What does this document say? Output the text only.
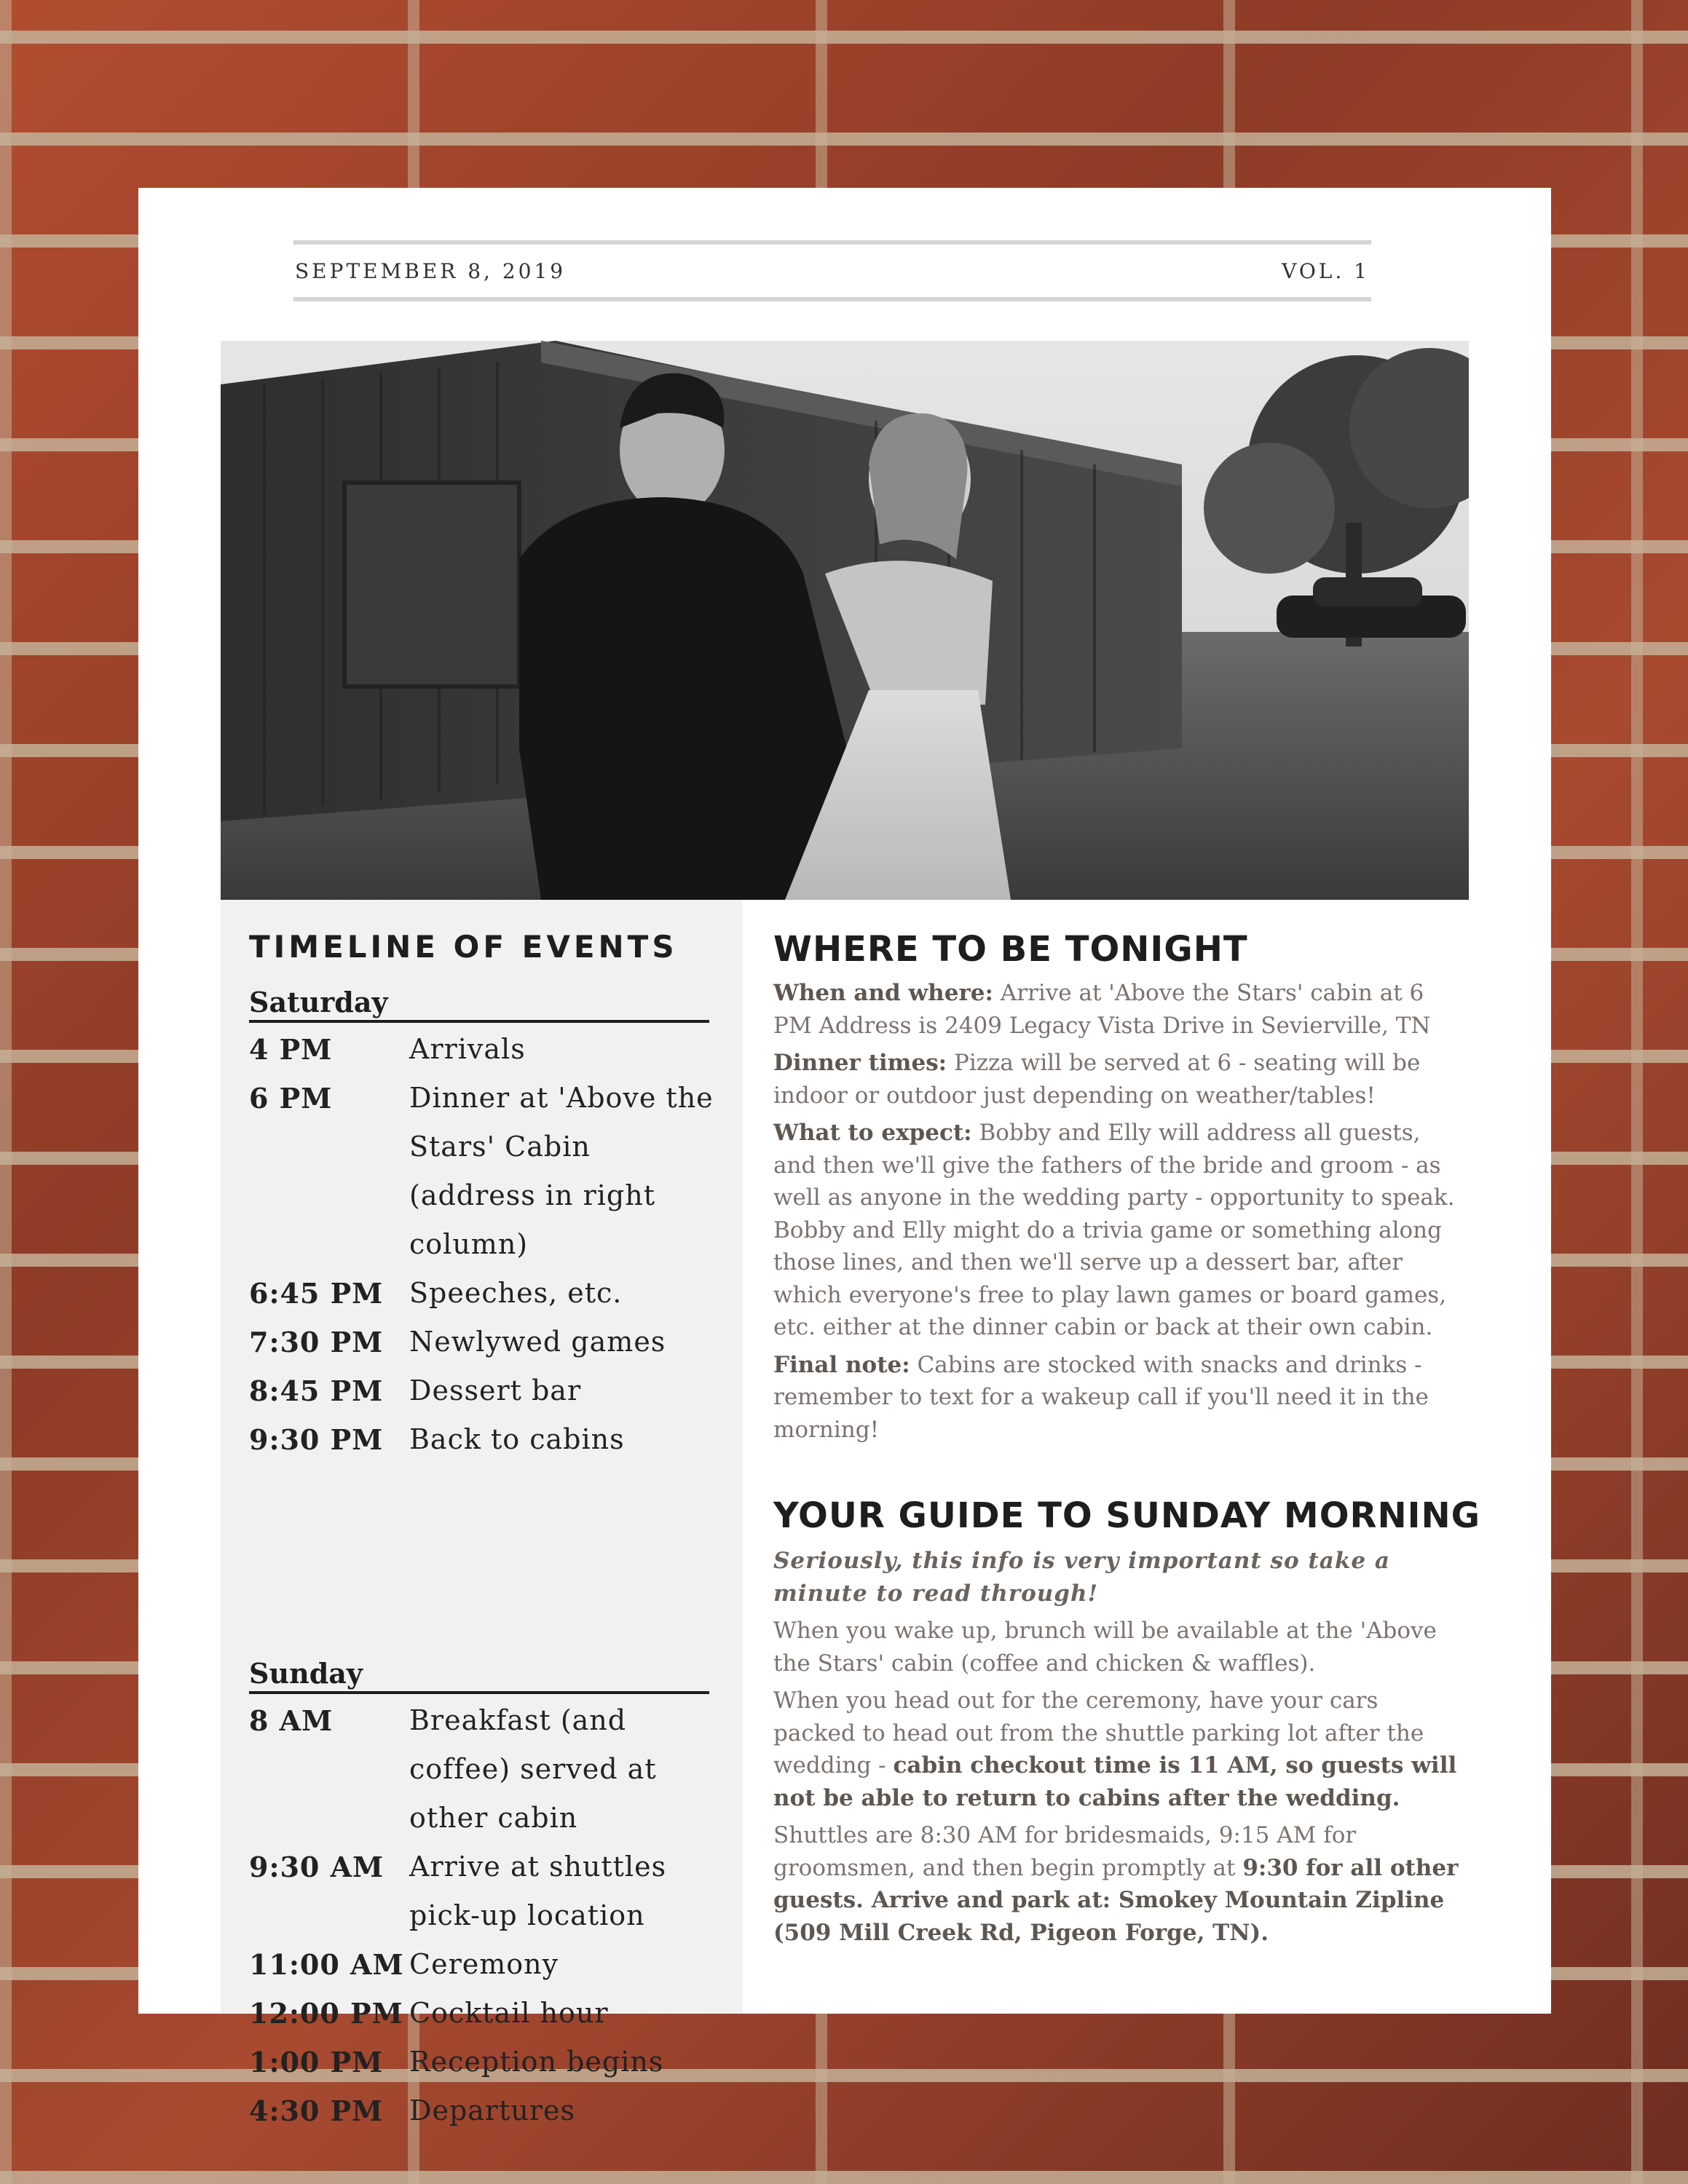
SEPTEMBER 8, 2019	VOL. 1
TIMELINE OF EVENTS
Saturday
4 PM	Arrivals
6 PM	Dinner at 'Above the Stars' Cabin (address in right column)
6:45 PM Speeches, etc.
7:30 PM Newlywed games
8:45 PM Dessert bar
9:30 PM Back to cabins
Sunday
8 AM	Breakfast (and coffee) served at other cabin
9:30 AM Arrive at shuttles pick-up location
11:00 AM Ceremony
12:00 PM Cocktail hour
1:00 PM Reception begins
4:30 PM Departures
WHERE TO BE TONIGHT

When and where: Arrive at 'Above the Stars' cabin at 6 PM Address is 2409 Legacy Vista Drive in Sevierville, TN

Dinner times: Pizza will be served at 6 - seating will be indoor or outdoor just depending on weather/tables!

What to expect: Bobby and Elly will address all guests, and then we'll give the fathers of the bride and groom - as well as anyone in the wedding party - opportunity to speak. Bobby and Elly might do a trivia game or something along those lines, and then we'll serve up a dessert bar, after which everyone's free to play lawn games or board games, etc. either at the dinner cabin or back at their own cabin.

Final note: Cabins are stocked with snacks and drinks - remember to text for a wakeup call if you'll need it in the morning!

YOUR GUIDE TO SUNDAY MORNING

Seriously, this info is very important so take a minute to read through!

When you wake up, brunch will be available at the 'Above the Stars' cabin (coffee and chicken & waffles).

When you head out for the ceremony, have your cars packed to head out from the shuttle parking lot after the wedding - cabin checkout time is 11 AM, so guests will not be able to return to cabins after the wedding.

Shuttles are 8:30 AM for bridesmaids, 9:15 AM for groomsmen, and then begin promptly at 9:30 for all other guests. Arrive and park at: Smokey Mountain Zipline (509 Mill Creek Rd, Pigeon Forge, TN).
